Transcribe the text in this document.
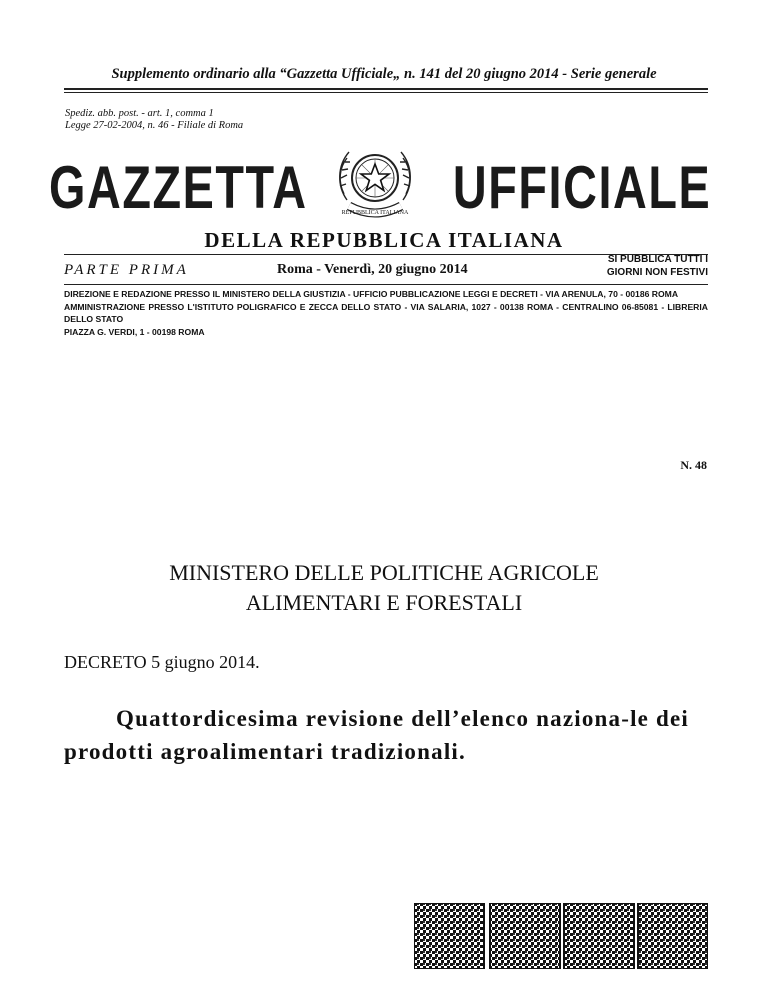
Supplemento ordinario alla “Gazzetta Ufficiale„ n. 141 del 20 giugno 2014 - Serie generale
Spediz. abb. post. - art. 1, comma 1
Legge 27-02-2004, n. 46 - Filiale di Roma
GAZZETTA UFFICIALE
REPUBBLICA ITALIANA
DELLA REPUBBLICA ITALIANA
PARTE PRIMA	Roma - Venerdì, 20 giugno 2014
SI PUBBLICA TUTTI I
GIORNI NON FESTIVI
DIREZIONE E REDAZIONE PRESSO IL MINISTERO DELLA GIUSTIZIA - UFFICIO PUBBLICAZIONE LEGGI E DECRETI - VIA ARENULA, 70 - 00186 ROMA
AMMINISTRAZIONE PRESSO L'ISTITUTO POLIGRAFICO E ZECCA DELLO STATO - VIA SALARIA, 1027 - 00138 ROMA - CENTRALINO 06-85081 - LIBRERIA DELLO STATO
PIAZZA G. VERDI, 1 - 00198 ROMA
N. 48
MINISTERO DELLE POLITICHE AGRICOLE
ALIMENTARI E FORESTALI
DECRETO 5 giugno 2014.
Quattordicesima revisione dell’elenco naziona-le dei prodotti agroalimentari tradizionali.
